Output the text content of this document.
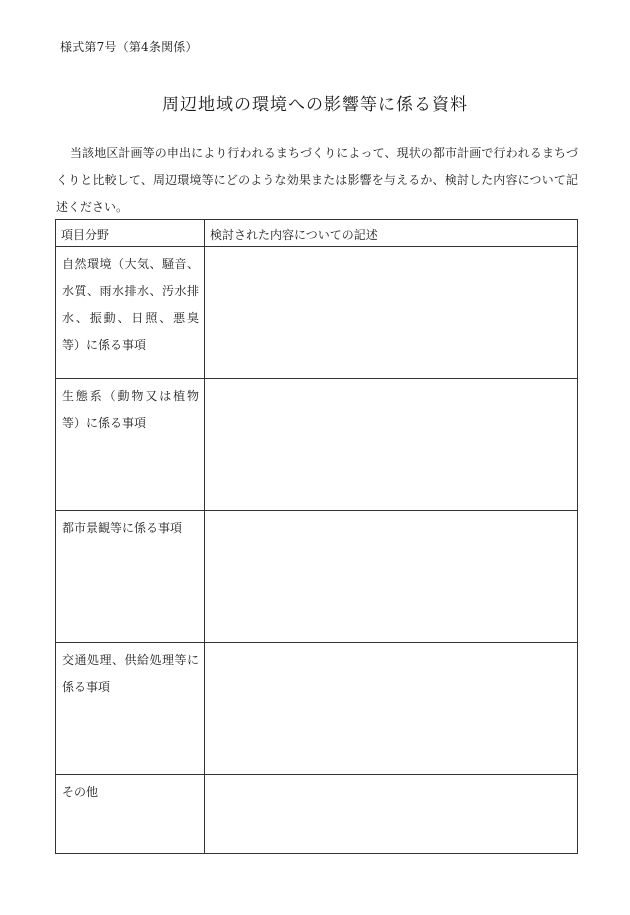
様式第7号（第4条関係）
周辺地域の環境への影響等に係る資料
当該地区計画等の申出により行われるまちづくりによって、現状の都市計画で行われるまちづくりと比較して、周辺環境等にどのような効果または影響を与えるか、検討した内容について記述ください。
項目分野	検討された内容についての記述

自然環境（大気、騒音、水質、雨水排水、汚水排水、振動、日照、悪臭等）に係る事項	

生態系（動物又は植物等）に係る事項	

都市景観等に係る事項	

交通処理、供給処理等に係る事項	

その他	
